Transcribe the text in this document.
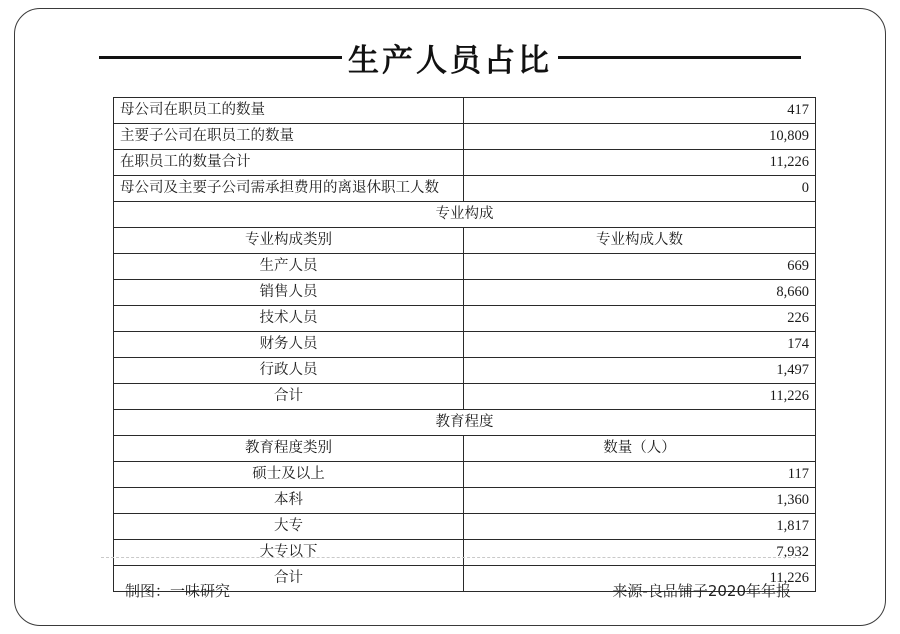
生产人员占比
母公司在职员工的数量	417
主要子公司在职员工的数量	10,809
在职员工的数量合计	11,226
母公司及主要子公司需承担费用的离退休职工人数	0
专业构成	
专业构成类别	专业构成人数
生产人员	669
销售人员	8,660
技术人员	226
财务人员	174
行政人员	1,497
合计	11,226
教育程度	
教育程度类别	数量（人）
硕士及以上	117
本科	1,360
大专	1,817
大专以下	7,932
合计	11,226
制图：一味研究	来源-良品铺子2020年年报
